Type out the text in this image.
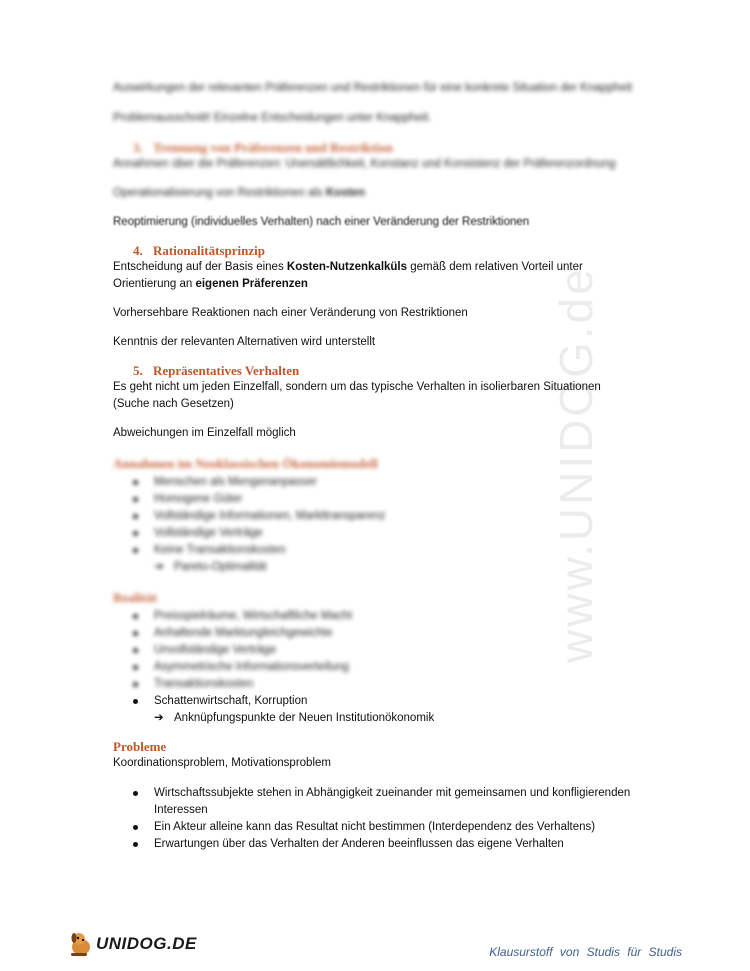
www.UNIDOG.de

Auswirkungen der relevanten Präferenzen und Restriktionen für eine konkrete Situation der Knappheit

Problemausschnitt! Einzelne Entscheidungen unter Knappheit.

3. Trennung von Präferenzen und Restriktion

Annahmen über die Präferenzen: Unersättlichkeit, Konstanz und Konsistenz der Präferenzordnung

Operationalisierung von Restriktionen als Kosten

Reoptimierung (individuelles Verhalten) nach einer Veränderung der Restriktionen

4. Rationalitätsprinzip

Entscheidung auf der Basis eines Kosten-Nutzenkalküls gemäß dem relativen Vorteil unter Orientierung an eigenen Präferenzen

Vorhersehbare Reaktionen nach einer Veränderung von Restriktionen

Kenntnis der relevanten Alternativen wird unterstellt

5. Repräsentatives Verhalten

Es geht nicht um jeden Einzelfall, sondern um das typische Verhalten in isolierbaren Situationen (Suche nach Gesetzen)

Abweichungen im Einzelfall möglich

Annahmen im Neoklassischen Ökonomiemodell
Menschen als Mengenanpasser
Homogene Güter
Vollständige Informationen, Markttransparenz
Vollständige Verträge
Keine Transaktionskosten
➔ Pareto-Optimalität
Realität
Preisspielräume, Wirtschaftliche Macht
Anhaltende Marktungleichgewichte
Unvollständige Verträge
Asymmetrische Informationsverteilung
Transaktionskosten
Schattenwirtschaft, Korruption
➔ Anknüpfungspunkte der Neuen Institutionökonomik
Probleme

Koordinationsproblem, Motivationsproblem

Wirtschaftssubjekte stehen in Abhängigkeit zueinander mit gemeinsamen und konfligierenden Interessen
Ein Akteur alleine kann das Resultat nicht bestimmen (Interdependenz des Verhaltens)
Erwartungen über das Verhalten der Anderen beeinflussen das eigene Verhalten
UNIDOG.DE	Klausurstoff von Studis für Studis
